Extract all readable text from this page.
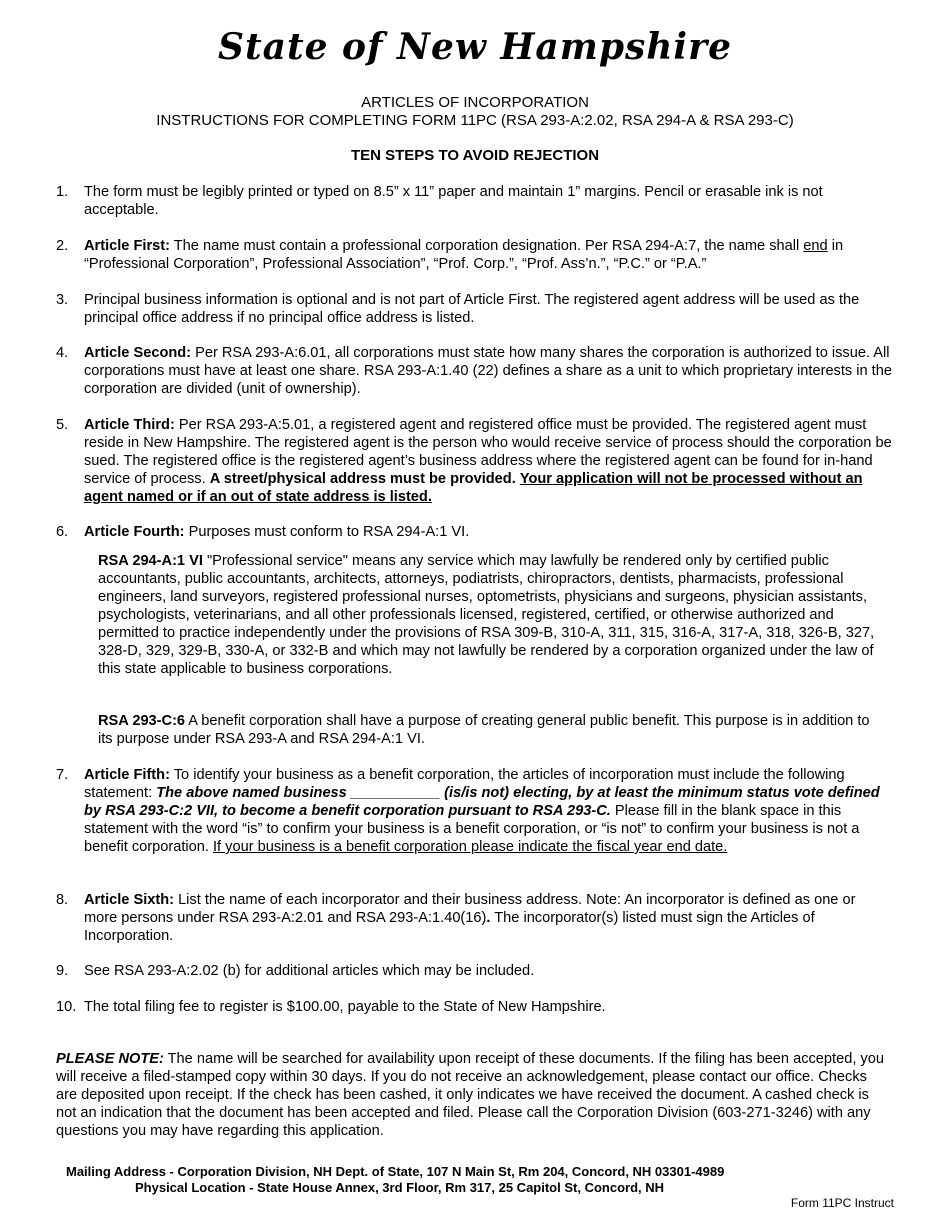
State of New Hampshire
ARTICLES OF INCORPORATION
INSTRUCTIONS FOR COMPLETING FORM 11PC (RSA 293-A:2.02, RSA 294-A & RSA 293-C)
TEN STEPS TO AVOID REJECTION
1.	The form must be legibly printed or typed on 8.5” x 11” paper and maintain 1” margins. Pencil or erasable ink is not acceptable.
2.	Article First: The name must contain a professional corporation designation. Per RSA 294-A:7, the name shall end in “Professional Corporation”, Professional Association”, “Prof. Corp.”, “Prof. Ass’n.”, “P.C.” or “P.A.”
3.	Principal business information is optional and is not part of Article First. The registered agent address will be used as the principal office address if no principal office address is listed.
4.	Article Second: Per RSA 293-A:6.01, all corporations must state how many shares the corporation is authorized to issue. All corporations must have at least one share. RSA 293-A:1.40 (22) defines a share as a unit to which proprietary interests in the corporation are divided (unit of ownership).
5.	Article Third: Per RSA 293-A:5.01, a registered agent and registered office must be provided. The registered agent must reside in New Hampshire. The registered agent is the person who would receive service of process should the corporation be sued. The registered office is the registered agent’s business address where the registered agent can be found for in-hand service of process. A street/physical address must be provided. Your application will not be processed without an agent named or if an out of state address is listed.
6.	Article Fourth: Purposes must conform to RSA 294-A:1 VI.
RSA 294-A:1 VI "Professional service" means any service which may lawfully be rendered only by certified public accountants, public accountants, architects, attorneys, podiatrists, chiropractors, dentists, pharmacists, professional engineers, land surveyors, registered professional nurses, optometrists, physicians and surgeons, physician assistants, psychologists, veterinarians, and all other professionals licensed, registered, certified, or otherwise authorized and permitted to practice independently under the provisions of RSA 309-B, 310-A, 311, 315, 316-A, 317-A, 318, 326-B, 327, 328-D, 329, 329-B, 330-A, or 332-B and which may not lawfully be rendered by a corporation organized under the law of this state applicable to business corporations.
RSA 293-C:6 A benefit corporation shall have a purpose of creating general public benefit. This purpose is in addition to its purpose under RSA 293-A and RSA 294-A:1 VI.
7.	Article Fifth: To identify your business as a benefit corporation, the articles of incorporation must include the following statement: The above named business ___________ (is/is not) electing, by at least the minimum status vote defined by RSA 293-C:2 VII, to become a benefit corporation pursuant to RSA 293-C. Please fill in the blank space in this statement with the word “is” to confirm your business is a benefit corporation, or “is not” to confirm your business is not a benefit corporation. If your business is a benefit corporation please indicate the fiscal year end date.
8.	Article Sixth: List the name of each incorporator and their business address. Note: An incorporator is defined as one or more persons under RSA 293-A:2.01 and RSA 293-A:1.40(16). The incorporator(s) listed must sign the Articles of Incorporation.
9.	See RSA 293-A:2.02 (b) for additional articles which may be included.
10. The total filing fee to register is $100.00, payable to the State of New Hampshire.
PLEASE NOTE: The name will be searched for availability upon receipt of these documents. If the filing has been accepted, you will receive a filed-stamped copy within 30 days. If you do not receive an acknowledgement, please contact our office. Checks are deposited upon receipt. If the check has been cashed, it only indicates we have received the document. A cashed check is not an indication that the document has been accepted and filed. Please call the Corporation Division (603-271-3246) with any questions you may have regarding this application.
Mailing Address - Corporation Division, NH Dept. of State, 107 N Main St, Rm 204, Concord, NH 03301-4989
Physical Location - State House Annex, 3rd Floor, Rm 317, 25 Capitol St, Concord, NH
Form 11PC Instruct
